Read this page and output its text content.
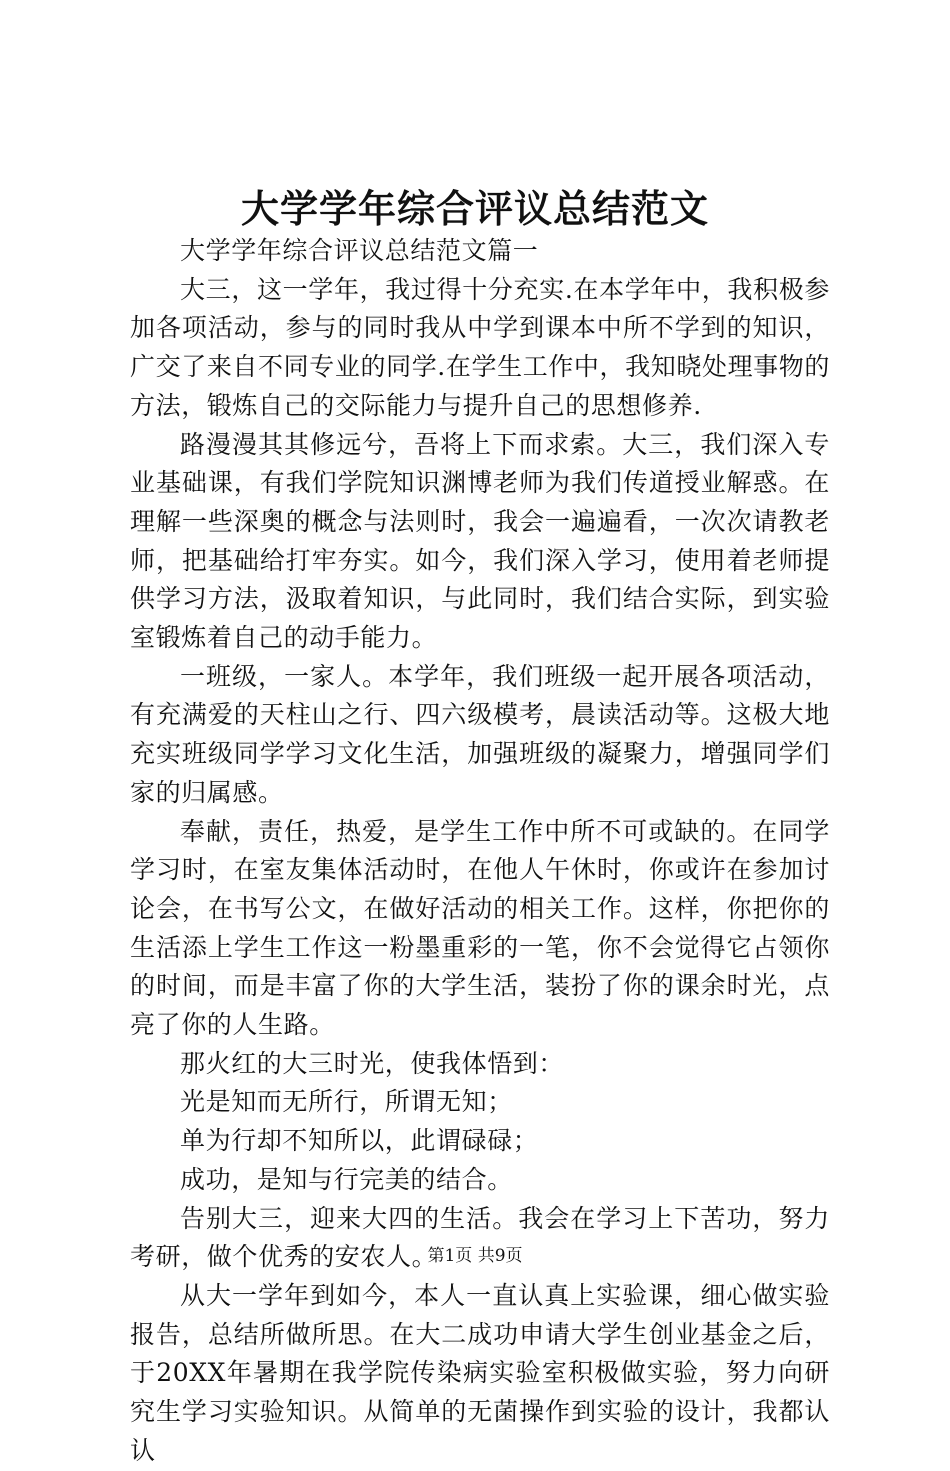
大学学年综合评议总结范文

大学学年综合评议总结范文篇一

大三，这一学年，我过得十分充实.在本学年中，我积极参加各项活动，参与的同时我从中学到课本中所不学到的知识，广交了来自不同专业的同学.在学生工作中，我知晓处理事物的方法，锻炼自己的交际能力与提升自己的思想修养.

路漫漫其其修远兮，吾将上下而求索。大三，我们深入专业基础课，有我们学院知识渊博老师为我们传道授业解惑。在理解一些深奥的概念与法则时，我会一遍遍看，一次次请教老师，把基础给打牢夯实。如今，我们深入学习，使用着老师提供学习方法，汲取着知识，与此同时，我们结合实际，到实验室锻炼着自己的动手能力。

一班级，一家人。本学年，我们班级一起开展各项活动，有充满爱的天柱山之行、四六级模考，晨读活动等。这极大地充实班级同学学习文化生活，加强班级的凝聚力，增强同学们家的归属感。

奉献，责任，热爱，是学生工作中所不可或缺的。在同学学习时，在室友集体活动时，在他人午休时，你或许在参加讨论会，在书写公文，在做好活动的相关工作。这样，你把你的生活添上学生工作这一粉墨重彩的一笔，你不会觉得它占领你的时间，而是丰富了你的大学生活，装扮了你的课余时光，点亮了你的人生路。

那火红的大三时光，使我体悟到：

光是知而无所行，所谓无知；

单为行却不知所以，此谓碌碌；

成功，是知与行完美的结合。

告别大三，迎来大四的生活。我会在学习上下苦功，努力考研，做个优秀的安农人。

从大一学年到如今，本人一直认真上实验课，细心做实验报告，总结所做所思。在大二成功申请大学生创业基金之后，于20XX年暑期在我学院传染病实验室积极做实验，努力向研究生学习实验知识。从简单的无菌操作到实验的设计，我都认认

第1页 共9页
